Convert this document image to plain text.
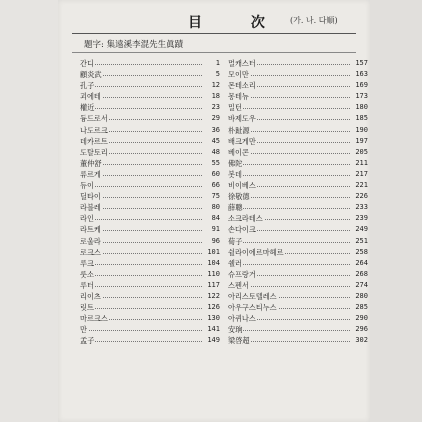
目 次 (가. 나. 다順)
題字: 集遠溪李混先生眞蹟
간디	1
顧炎武	5
孔子	12
괴에테	18
權近	23
듕드로서	29
나도르크	36
데카르트	45
도탈토리	48
董仲舒	55
류르게	60
듀이	66
딜타이	75
라블레	80
라인	84
라트케	91
로울라	96
로크스	101
루크	104
룻소	110
루터	117
리이츠	122
릿트	126
마르크스	130
만	141
孟子	149
멀캐스터	157
모이만	163
몬테소리	169
몽테뉴	173
밀턴	180
바제도우	185
朴趾源	190
배크게만	197
베이콘	205
佛陀	211
봇데	217
비이베스	221
徐敬德	226
薛聰	233
소크라테스	239
손다이크	249
荀子	251
쉴라이에르마헤르	258
쉘러	264
슈프랑거	268
스펜서	274
아리스토텔레스	280
아우구스티누스	285
아퀴나스	290
安珦	296
梁啓超	302
